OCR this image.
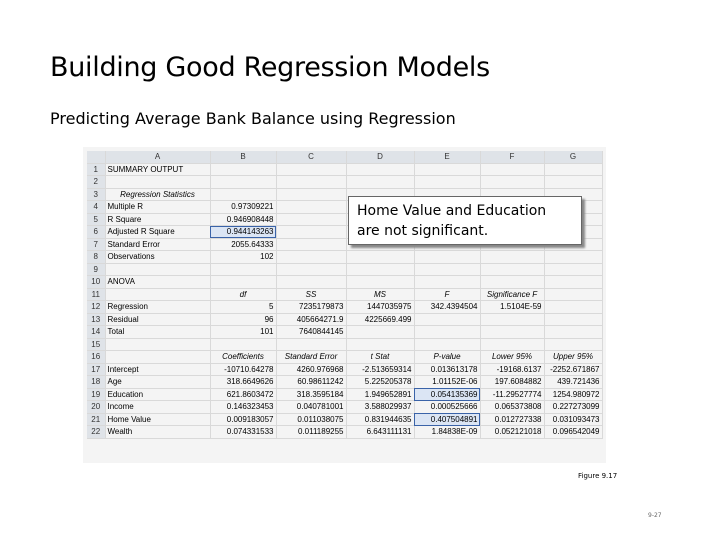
Building Good Regression Models
Predicting Average Bank Balance using Regression
	A	B	C	D	E	F	G
1	SUMMARY OUTPUT						
2							
3	Regression Statistics						
4	Multiple R	0.97309221					
5	R Square	0.946908448					
6	Adjusted R Square	0.944143263					
7	Standard Error	2055.64333					
8	Observations	102					
9							
10	ANOVA						
11		df	SS	MS	F	Significance F	
12	Regression	5	7235179873	1447035975	342.4394504	1.5104E-59	
13	Residual	96	405664271.9	4225669.499			
14	Total	101	7640844145				
15							
16		Coefficients	Standard Error	t Stat	P-value	Lower 95%	Upper 95%
17	Intercept	-10710.64278	4260.976968	-2.513659314	0.013613178	-19168.6137	-2252.671867
18	Age	318.6649626	60.98611242	5.225205378	1.01152E-06	197.6084882	439.721436
19	Education	621.8603472	318.3595184	1.949652891	0.054135369	-11.29527774	1254.980972
20	Income	0.146323453	0.040781001	3.588029937	0.000525666	0.065373808	0.227273099
21	Home Value	0.009183057	0.011038075	0.831944635	0.407504891	0.012727338	0.031093473
22	Wealth	0.074331533	0.011189255	6.643111131	1.84838E-09	0.052121018	0.096542049
Home Value and Education are not significant.
Figure 9.17
9-27
